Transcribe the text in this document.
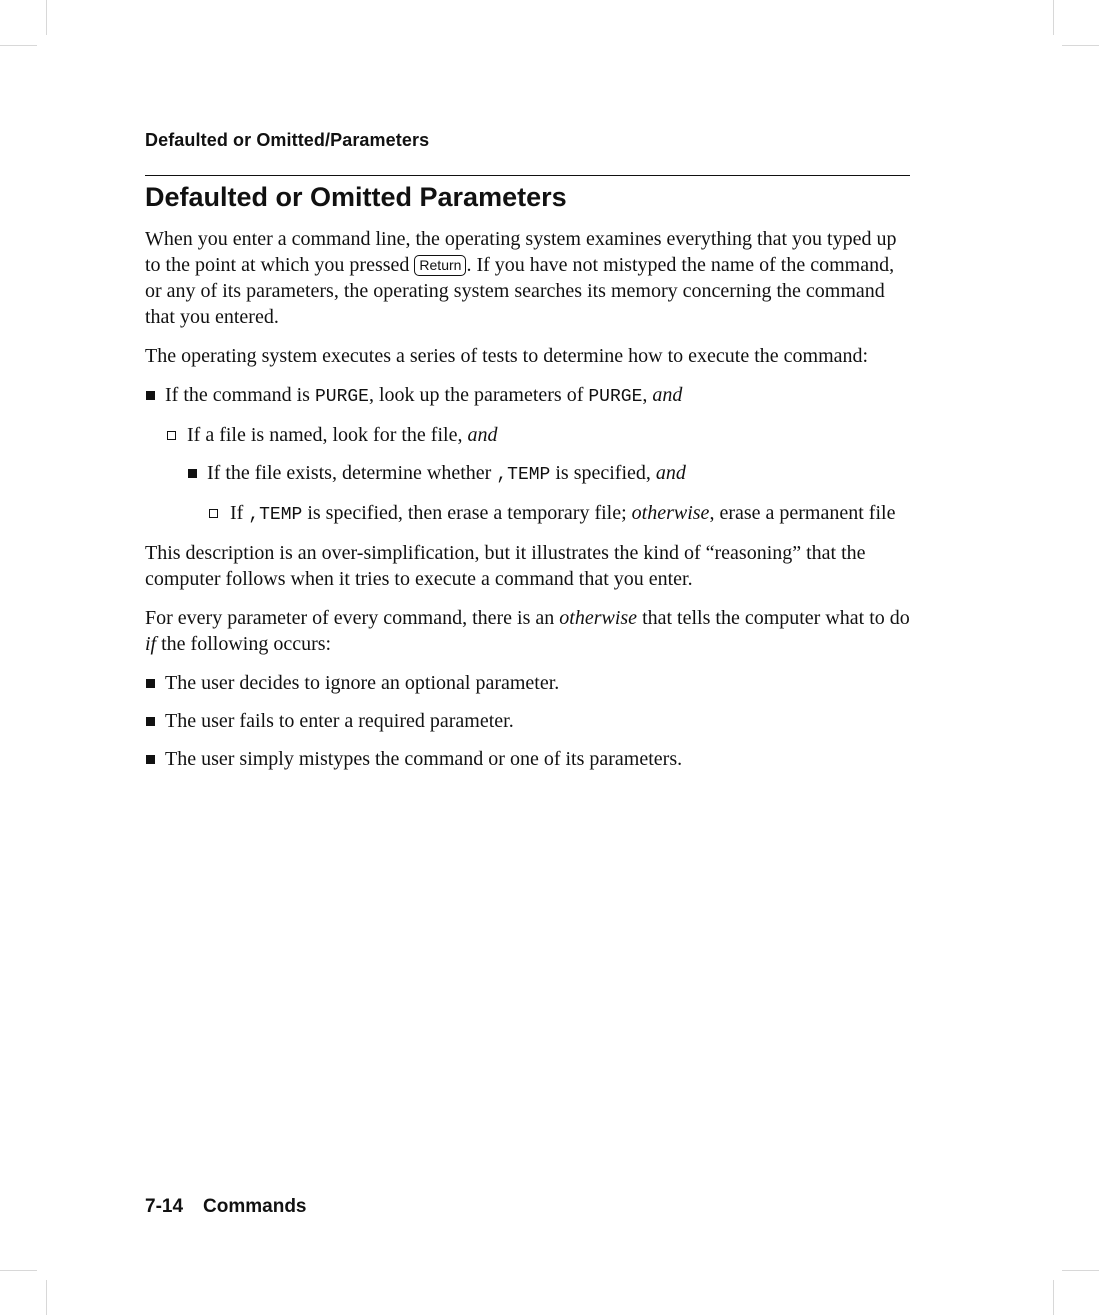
Defaulted or Omitted/Parameters
Defaulted or Omitted Parameters

When you enter a command line, the operating system examines everything that you typed up to the point at which you pressed Return . If you have not mistyped the name of the command, or any of its parameters, the operating system searches its memory concerning the command that you entered.

The operating system executes a series of tests to determine how to execute the command:

If the command is PURGE, look up the parameters of PURGE, and
If a file is named, look for the file, and
If the file exists, determine whether ,TEMP is specified, and
If ,TEMP is specified, then erase a temporary file; otherwise, erase a permanent file

This description is an over-simplification, but it illustrates the kind of “reasoning” that the computer follows when it tries to execute a command that you enter.

For every parameter of every command, there is an otherwise that tells the computer what to do if the following occurs:

The user decides to ignore an optional parameter.
The user fails to enter a required parameter.
The user simply mistypes the command or one of its parameters.
7-14 Commands
